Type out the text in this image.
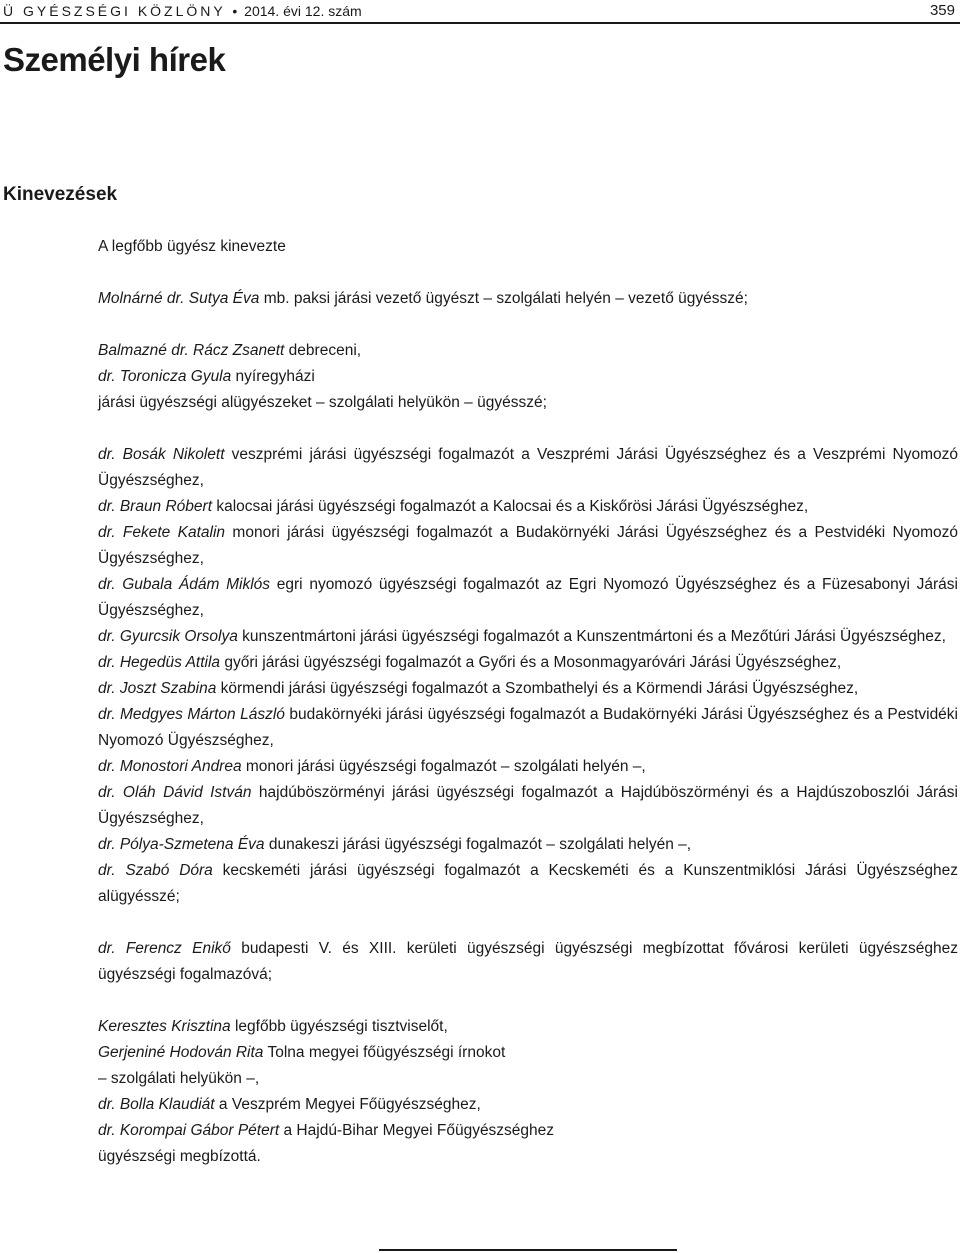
Ü GYÉSZSÉGI KÖZLÖNY • 2014. évi 12. szám	359
Személyi hírek
Kinevezések

A legfőbb ügyész kinevezte

Molnárné dr. Sutya Éva mb. paksi járási vezető ügyészt – szolgálati helyén – vezető ügyésszé;

Balmazné dr. Rácz Zsanett debreceni,

dr. Toronicza Gyula nyíregyházi

járási ügyészségi alügyészeket – szolgálati helyükön – ügyésszé;

dr. Bosák Nikolett veszprémi járási ügyészségi fogalmazót a Veszprémi Járási Ügyészséghez és a Veszprémi Nyomozó Ügyészséghez,

dr. Braun Róbert kalocsai járási ügyészségi fogalmazót a Kalocsai és a Kiskőrösi Járási Ügyészséghez,

dr. Fekete Katalin monori járási ügyészségi fogalmazót a Budakörnyéki Járási Ügyészséghez és a Pestvidéki Nyomozó Ügyészséghez,

dr. Gubala Ádám Miklós egri nyomozó ügyészségi fogalmazót az Egri Nyomozó Ügyészséghez és a Füzesabonyi Járási Ügyészséghez,

dr. Gyurcsik Orsolya kunszentmártoni járási ügyészségi fogalmazót a Kunszentmártoni és a Mezőtúri Járási Ügyészséghez,

dr. Hegedüs Attila győri járási ügyészségi fogalmazót a Győri és a Mosonmagyaróvári Járási Ügyészséghez,

dr. Joszt Szabina körmendi járási ügyészségi fogalmazót a Szombathelyi és a Körmendi Járási Ügyészséghez,

dr. Medgyes Márton László budakörnyéki járási ügyészségi fogalmazót a Budakörnyéki Járási Ügyészséghez és a Pestvidéki Nyomozó Ügyészséghez,

dr. Monostori Andrea monori járási ügyészségi fogalmazót – szolgálati helyén –,

dr. Oláh Dávid István hajdúböszörményi járási ügyészségi fogalmazót a Hajdúböszörményi és a Hajdúszoboszlói Járási Ügyészséghez,

dr. Pólya-Szmetena Éva dunakeszi járási ügyészségi fogalmazót – szolgálati helyén –,

dr. Szabó Dóra kecskeméti járási ügyészségi fogalmazót a Kecskeméti és a Kunszentmiklósi Járási Ügyészséghez alügyésszé;

dr. Ferencz Enikő budapesti V. és XIII. kerületi ügyészségi ügyészségi megbízottat fővárosi kerületi ügyészséghez ügyészségi fogalmazóvá;

Keresztes Krisztina legfőbb ügyészségi tisztviselőt,

Gerjeniné Hodován Rita Tolna megyei főügyészségi írnokot

– szolgálati helyükön –,

dr. Bolla Klaudiát a Veszprém Megyei Főügyészséghez,

dr. Korompai Gábor Pétert a Hajdú-Bihar Megyei Főügyészséghez

ügyészségi megbízottá.
